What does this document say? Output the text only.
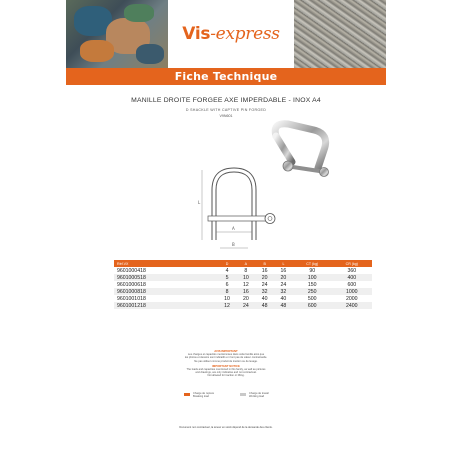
Vis-express
Fiche Technique
MANILLE DROITE FORGEE AXE IMPERDABLE - INOX A4
D SHACKLE WITH CAPTIVE PIN FORGED
V9N601
L
A
B
Réf.VX	D	A	B	L	CT (kg)	CR (kg)
9601000418	4	8	16	16	90	360
9601000518	5	10	20	20	100	400
9601000618	6	12	24	24	150	600
9601000818	8	16	32	32	250	1000
9601001018	10	20	40	40	500	2000
9601001218	12	24	48	48	600	2400
AVIS IMPORTANT
Les charges et capacités mentionnées dans cette famille ainsi que
les photos et dessins sont indicatifs et n'ont pas de valeur contractuelle.
Ne pas utiliser comme produit de traction ou de levage.
IMPORTANT NOTICE
The loads and capacities mentioned in this family, as well as pictures
and drawings, are only indicative and not contractual.
Not allowed for traction or lifting.
Charge de rupture
Breaking load
Charge de travail
Working load
Document non contractuel, la teneur en stock dépend de la demande des clients.
